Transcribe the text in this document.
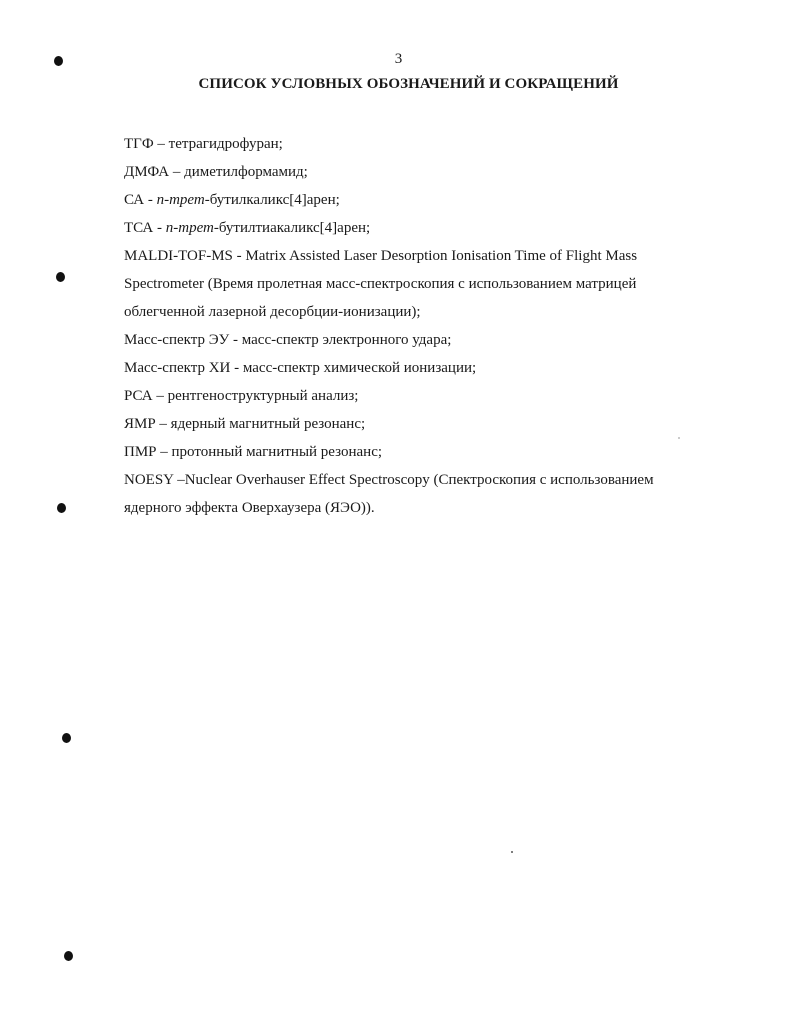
3
СПИСОК УСЛОВНЫХ ОБОЗНАЧЕНИЙ И СОКРАЩЕНИЙ
ТГФ – тетрагидрофуран;
ДМФА – диметилформамид;
СА - п-трет-бутилкаликс[4]арен;
ТСА - п-трет-бутилтиакаликс[4]арен;
MALDI-TOF-MS - Matrix Assisted Laser Desorption Ionisation Time of Flight Mass
Spectrometer (Время пролетная масс-спектроскопия с использованием матрицей
облегченной лазерной десорбции-ионизации);
Масс-спектр ЭУ - масс-спектр электронного удара;
Масс-спектр ХИ - масс-спектр химической ионизации;
РСА – рентгеноструктурный анализ;
ЯМР – ядерный магнитный резонанс;
ПМР – протонный магнитный резонанс;
NOESY –Nuclear Overhauser Effect Spectroscopy (Спектроскопия с использованием
ядерного эффекта Оверхаузера (ЯЭО)).
